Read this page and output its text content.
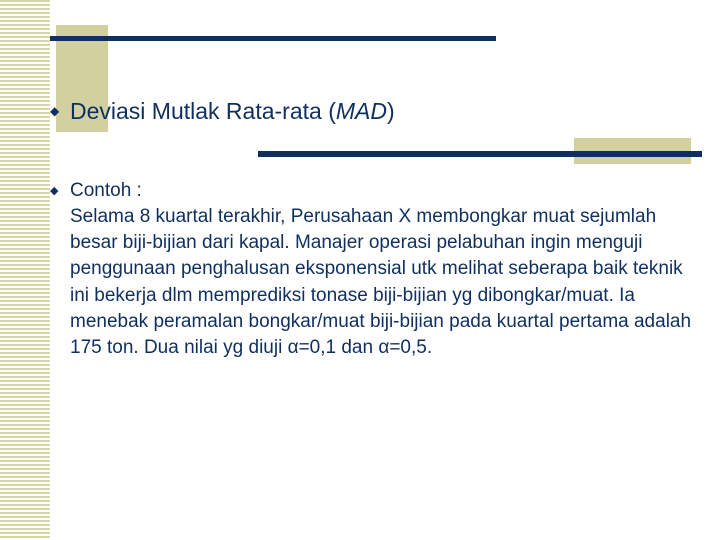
◆ Deviasi Mutlak Rata-rata ( MAD )
◆ Contoh :
Selama 8 kuartal terakhir, Perusahaan X membongkar muat sejumlah besar biji-bijian dari kapal. Manajer operasi pelabuhan ingin menguji penggunaan penghalusan eksponensial utk melihat seberapa baik teknik ini bekerja dlm memprediksi tonase biji-bijian yg dibongkar/muat. Ia menebak peramalan bongkar/muat biji-bijian pada kuartal pertama adalah 175 ton. Dua nilai yg diuji α=0,1 dan α=0,5.
